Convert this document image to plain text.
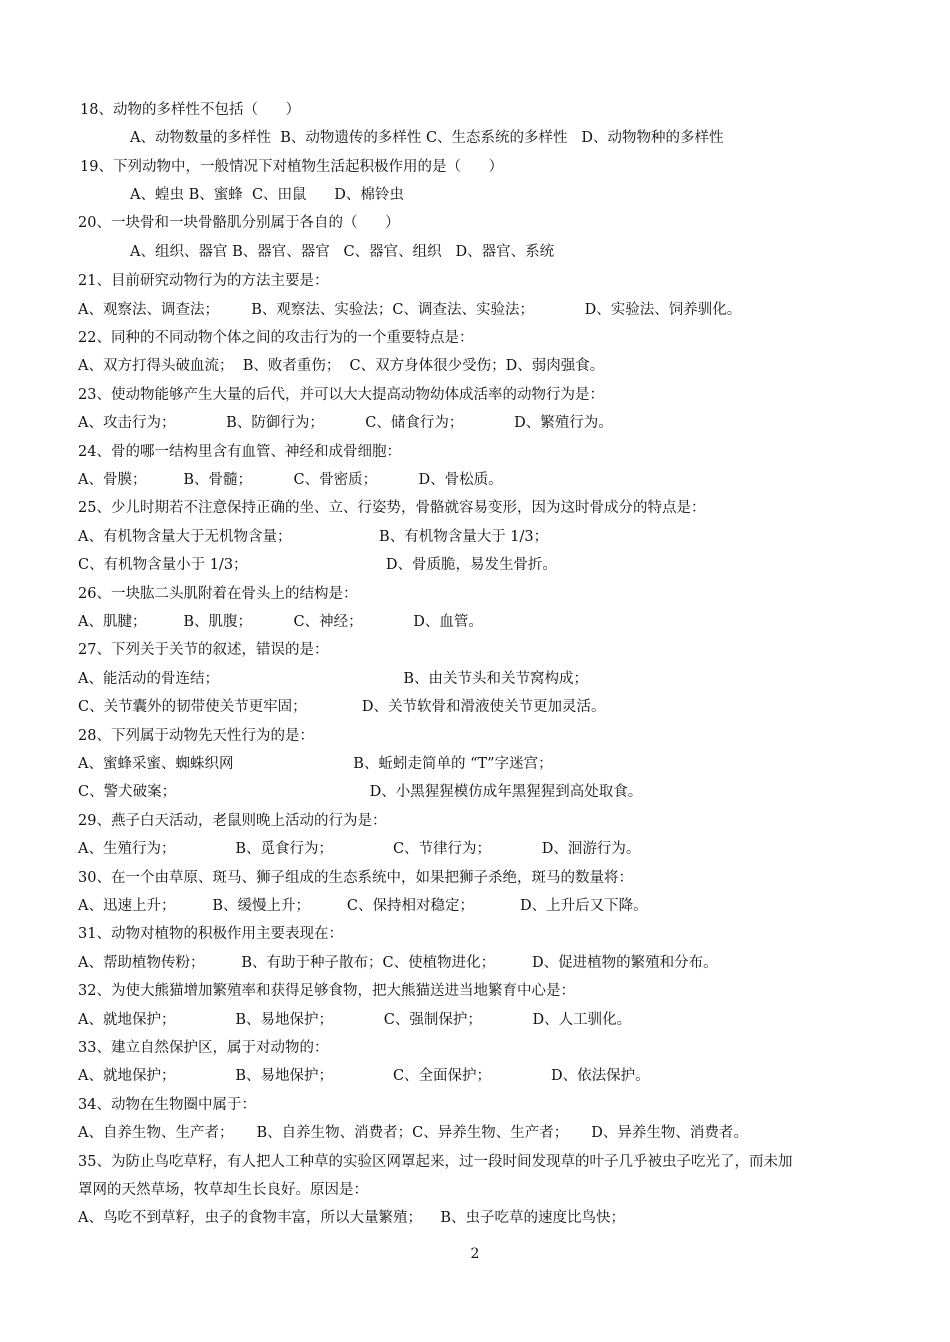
18、动物的多样性不包括（      ）
A、动物数量的多样性  B、动物遗传的多样性 C、生态系统的多样性   D、动物物种的多样性
19、下列动物中，一般情况下对植物生活起积极作用的是（      ）
A、蝗虫 B、蜜蜂  C、田鼠      D、棉铃虫
20、一块骨和一块骨骼肌分别属于各自的（      ）
A、组织、器官 B、器官、器官   C、器官、组织   D、器官、系统
21、目前研究动物行为的方法主要是：
A、观察法、调查法；       B、观察法、实验法；C、调查法、实验法；           D、实验法、饲养驯化。
22、同种的不同动物个体之间的攻击行为的一个重要特点是：
A、双方打得头破血流；  B、败者重伤；  C、双方身体很少受伤；D、弱肉强食。
23、使动物能够产生大量的后代，并可以大大提高动物幼体成活率的动物行为是：
A、攻击行为；           B、防御行为；         C、储食行为；           D、繁殖行为。
24、骨的哪一结构里含有血管、神经和成骨细胞：
A、骨膜；        B、骨髓；         C、骨密质；         D、骨松质。
25、少儿时期若不注意保持正确的坐、立、行姿势，骨骼就容易变形，因为这时骨成分的特点是：
A、有机物含量大于无机物含量；                   B、有机物含量大于 1/3；
C、有机物含量小于 1/3；                              D、骨质脆，易发生骨折。
26、一块肱二头肌附着在骨头上的结构是：
A、肌腱；        B、肌腹；         C、神经；           D、血管。
27、下列关于关节的叙述，错误的是：
A、能活动的骨连结；                                        B、由关节头和关节窝构成；
C、关节囊外的韧带使关节更牢固；            D、关节软骨和滑液使关节更加灵活。
28、下列属于动物先天性行为的是：
A、蜜蜂采蜜、蜘蛛织网                          B、蚯蚓走简单的 “T”字迷宫；
C、警犬破案；                                          D、小黑猩猩模仿成年黑猩猩到高处取食。
29、燕子白天活动，老鼠则晚上活动的行为是：
A、生殖行为；             B、觅食行为；             C、节律行为；           D、洄游行为。
30、在一个由草原、斑马、狮子组成的生态系统中，如果把狮子杀绝，斑马的数量将：
A、迅速上升；        B、缓慢上升；        C、保持相对稳定；          D、上升后又下降。
31、动物对植物的积极作用主要表现在：
A、帮助植物传粉；        B、有助于种子散布；C、使植物进化；        D、促进植物的繁殖和分布。
32、为使大熊猫增加繁殖率和获得足够食物，把大熊猫送进当地繁育中心是：
A、就地保护；             B、易地保护；           C、强制保护；           D、人工驯化。
33、建立自然保护区，属于对动物的：
A、就地保护；             B、易地保护；             C、全面保护；             D、依法保护。
34、动物在生物圈中属于：
A、自养生物、生产者；     B、自养生物、消费者；C、异养生物、生产者；     D、异养生物、消费者。
35、为防止鸟吃草籽，有人把人工种草的实验区网罩起来，过一段时间发现草的叶子几乎被虫子吃光了，而未加
罩网的天然草场，牧草却生长良好。原因是：
A、鸟吃不到草籽，虫子的食物丰富，所以大量繁殖；    B、虫子吃草的速度比鸟快；
2
